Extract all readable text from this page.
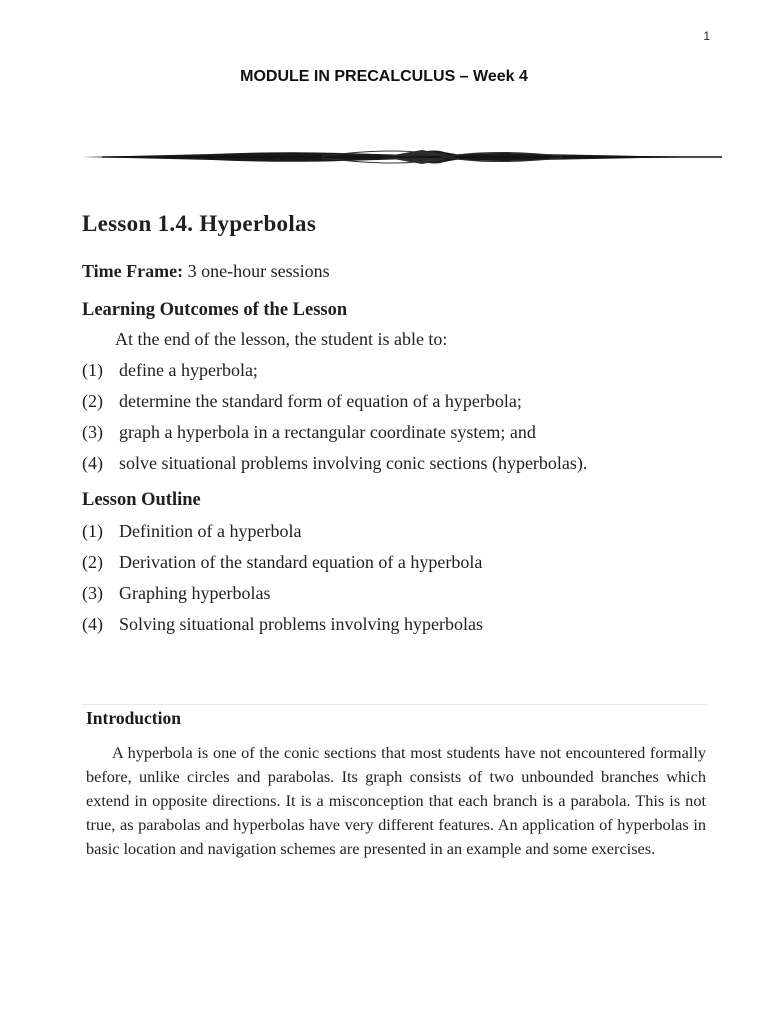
1
MODULE IN PRECALCULUS – Week 4
Lesson 1.4. Hyperbolas
Time Frame: 3 one-hour sessions
Learning Outcomes of the Lesson
At the end of the lesson, the student is able to:
(1) define a hyperbola;
(2) determine the standard form of equation of a hyperbola;
(3) graph a hyperbola in a rectangular coordinate system; and
(4) solve situational problems involving conic sections (hyperbolas).
Lesson Outline
(1) Definition of a hyperbola
(2) Derivation of the standard equation of a hyperbola
(3) Graphing hyperbolas
(4) Solving situational problems involving hyperbolas
Introduction

A hyperbola is one of the conic sections that most students have not encountered formally before, unlike circles and parabolas. Its graph consists of two unbounded branches which extend in opposite directions. It is a misconception that each branch is a parabola. This is not true, as parabolas and hyperbolas have very different features. An application of hyperbolas in basic location and navigation schemes are presented in an example and some exercises.
